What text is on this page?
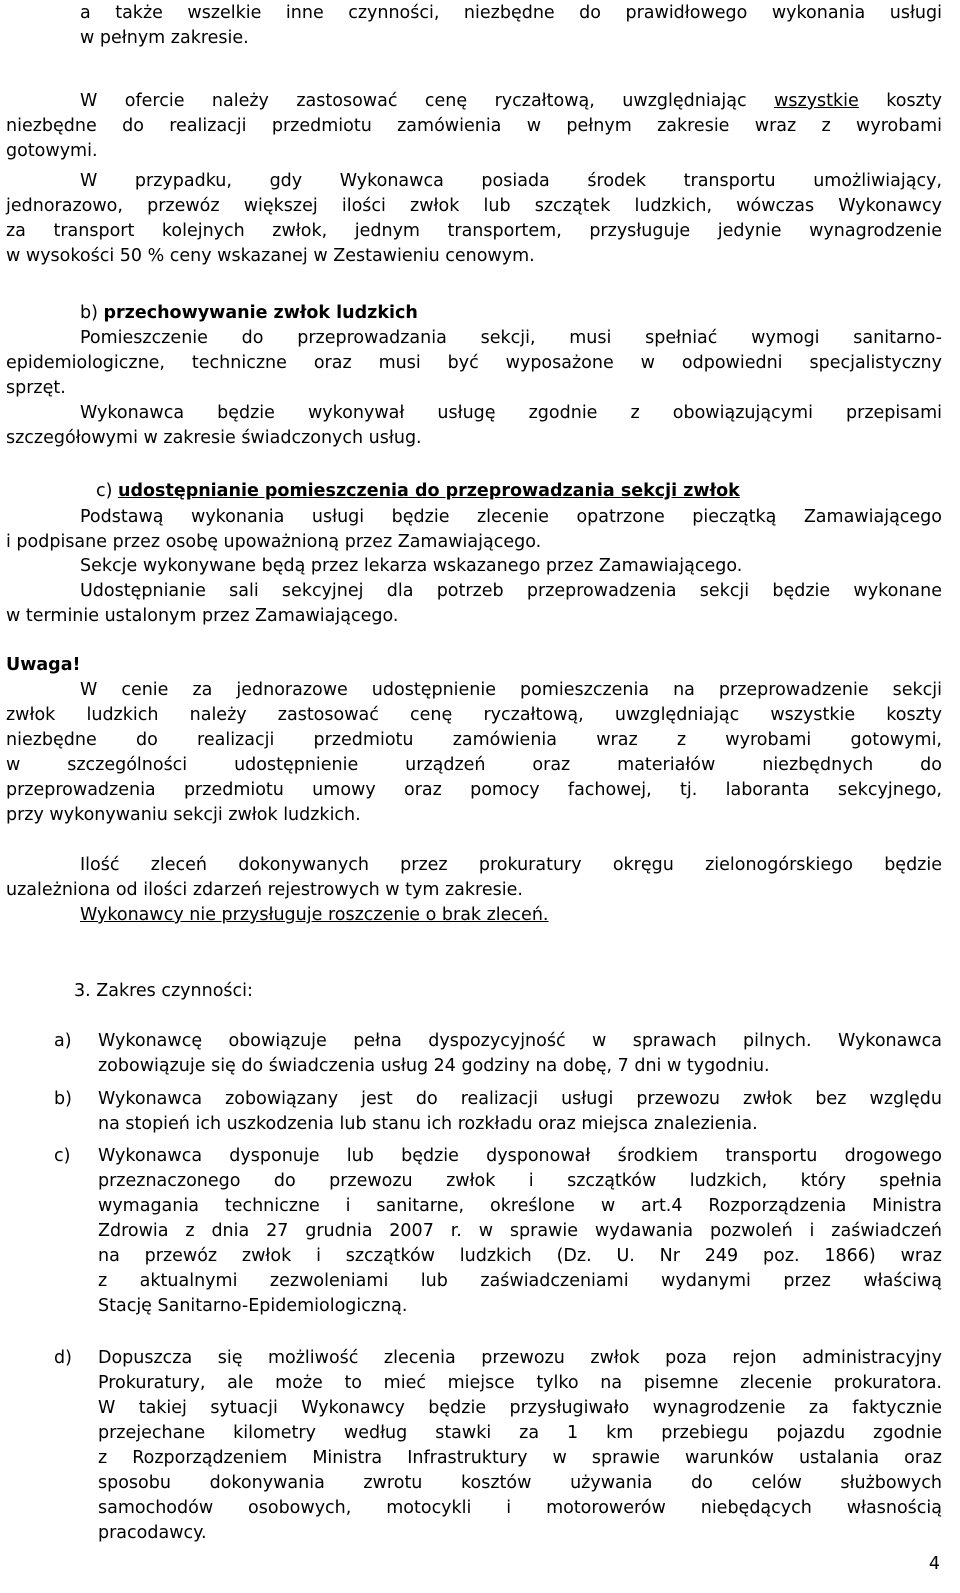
a także wszelkie inne czynności, niezbędne do prawidłowego wykonania usługi
w pełnym zakresie.
W ofercie należy zastosować cenę ryczałtową, uwzględniając wszystkie koszty
niezbędne do realizacji przedmiotu zamówienia w pełnym zakresie wraz z wyrobami
gotowymi.
W przypadku, gdy Wykonawca posiada środek transportu umożliwiający,
jednorazowo, przewóz większej ilości zwłok lub szczątek ludzkich, wówczas Wykonawcy
za transport kolejnych zwłok, jednym transportem, przysługuje jedynie wynagrodzenie
w wysokości 50 % ceny wskazanej w Zestawieniu cenowym.
b) przechowywanie zwłok ludzkich
Pomieszczenie do przeprowadzania sekcji, musi spełniać wymogi sanitarno-
epidemiologiczne, techniczne oraz musi być wyposażone w odpowiedni specjalistyczny
sprzęt.
Wykonawca będzie wykonywał usługę zgodnie z obowiązującymi przepisami
szczegółowymi w zakresie świadczonych usług.
c) udostępnianie pomieszczenia do przeprowadzania sekcji zwłok
Podstawą wykonania usługi będzie zlecenie opatrzone pieczątką Zamawiającego
i podpisane przez osobę upoważnioną przez Zamawiającego.
Sekcje wykonywane będą przez lekarza wskazanego przez Zamawiającego.
Udostępnianie sali sekcyjnej dla potrzeb przeprowadzenia sekcji będzie wykonane
w terminie ustalonym przez Zamawiającego.
Uwaga!
W cenie za jednorazowe udostępnienie pomieszczenia na przeprowadzenie sekcji
zwłok ludzkich należy zastosować cenę ryczałtową, uwzględniając wszystkie koszty
niezbędne do realizacji przedmiotu zamówienia wraz z wyrobami gotowymi,
w szczególności udostępnienie urządzeń oraz materiałów niezbędnych do
przeprowadzenia przedmiotu umowy oraz pomocy fachowej, tj. laboranta sekcyjnego,
przy wykonywaniu sekcji zwłok ludzkich.
Ilość zleceń dokonywanych przez prokuratury okręgu zielonogórskiego będzie
uzależniona od ilości zdarzeń rejestrowych w tym zakresie.
Wykonawcy nie przysługuje roszczenie o brak zleceń.
3. Zakres czynności:
a) Wykonawcę obowiązuje pełna dyspozycyjność w sprawach pilnych. Wykonawca
zobowiązuje się do świadczenia usług 24 godziny na dobę, 7 dni w tygodniu.
b) Wykonawca zobowiązany jest do realizacji usługi przewozu zwłok bez względu
na stopień ich uszkodzenia lub stanu ich rozkładu oraz miejsca znalezienia.
c) Wykonawca dysponuje lub będzie dysponował środkiem transportu drogowego
przeznaczonego do przewozu zwłok i szczątków ludzkich, który spełnia
wymagania techniczne i sanitarne, określone w art.4 Rozporządzenia Ministra
Zdrowia z dnia 27 grudnia 2007 r. w sprawie wydawania pozwoleń i zaświadczeń
na przewóz zwłok i szczątków ludzkich (Dz. U. Nr 249 poz. 1866) wraz
z aktualnymi zezwoleniami lub zaświadczeniami wydanymi przez właściwą
Stację Sanitarno-Epidemiologiczną.
d) Dopuszcza się możliwość zlecenia przewozu zwłok poza rejon administracyjny
Prokuratury, ale może to mieć miejsce tylko na pisemne zlecenie prokuratora.
W takiej sytuacji Wykonawcy będzie przysługiwało wynagrodzenie za faktycznie
przejechane kilometry według stawki za 1 km przebiegu pojazdu zgodnie
z Rozporządzeniem Ministra Infrastruktury w sprawie warunków ustalania oraz
sposobu dokonywania zwrotu kosztów używania do celów służbowych
samochodów osobowych, motocykli i motorowerów niebędących własnością
pracodawcy.
4
